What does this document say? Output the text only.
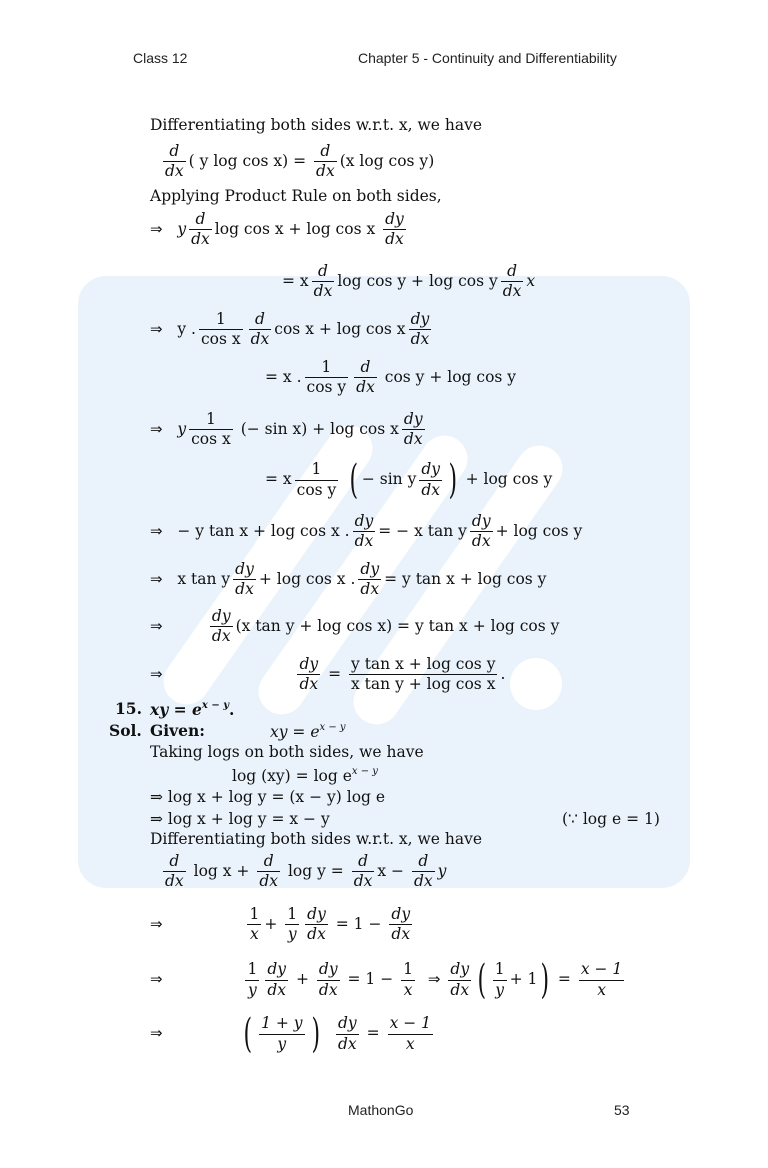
Class 12	Chapter 5 - Continuity and Differentiability
Differentiating both sides w.r.t. x, we have
$\frac{d}{dx}$ ( y $\log \cos x) = \frac{d}{dx} (x$ log cos y)
Applying Product Rule on both sides,
⇒ y $\frac{d}{dx}$ log cos x + log cos x $\frac{dy}{dx}$
= x $\frac{d}{dx}$ log cos y + log cos y $\frac{d}{dx}$ x
⇒ y . $\frac{1}{\text{cos x}} \frac{d}{dx}$ cos x + log cos x $\frac{dy}{dx}$
= x . $\frac{1}{\text{cos y}} \frac{d}{dx}$ cos y + log cos y
⇒ y $\frac{1}{\text{cos x}}$ (− sin x) + log cos x $\frac{dy}{dx}$
= x $\frac{1}{\text{cos y}}$ ( − sin y $\frac{dy}{dx}$ ) + log cos y
⇒ − y tan x + log cos x . $\frac{dy}{dx}$ = − x tan y $\frac{dy}{dx} + \log \cos y$
⇒ x tan y $\frac{dy}{dx} + \log \cos x$ . $\frac{dy}{dx} = y$ tan x + log cos y
⇒	$\frac{dy}{dx} (x$ tan y + log cos x) = y tan x + log cos y
⇒	$\frac{dy}{dx} = \frac{\text{y tan x + log cos y}}{\text{x tan y + log cos x}}$ .
15. xy = $e^{x - y}$.
Sol. Given:	xy = $e^{x - y}$
Taking logs on both sides, we have
$\log (xy) = \log e^{x - y}$
⇒ log x + log y = (x − y) log e
⇒ log x + log y = x − y	(∵ log e = 1)
Differentiating both sides w.r.t. x, we have
$\frac{d}{dx}$ $\log x + \frac{d}{dx}$ $\log y = \frac{d}{dx}$ $x - \frac{d}{dx}$ y
⇒	$\frac{1}{x} + \frac{1}{y} \frac{dy}{dx} = 1 - \frac{dy}{dx}$
⇒	$\frac{1}{y} \frac{dy}{dx} + \frac{dy}{dx} = 1 - \frac{1}{x}$ ⇒ $\frac{dy}{dx}$ ( $\frac{1}{y} + 1) = \frac{x - 1}{x}$
⇒ ( $\frac{1 + y}{y}$ ) $\frac{dy}{dx} = \frac{x - 1}{x}$
MathonGo	53
